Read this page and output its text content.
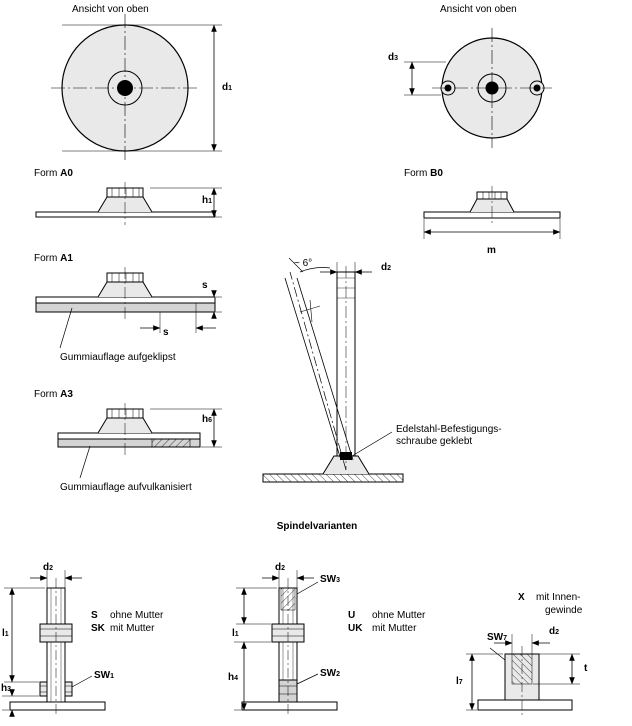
Ansicht von oben	Ansicht von oben
d1
d3
Form A0
h1
Form B0
m
Form A1
s
s
Gummiauflage aufgeklipst
Form A3
h6
Gummiauflage aufvulkanisiert
~ 6°	d2
Edelstahl-Befestigungs-
schraube geklebt
Spindelvarianten
d2
l1
h3
SW1
S ohne Mutter
SK mit Mutter
d2
SW3
SW2
l1
h4
U ohne Mutter
UK mit Mutter
SW7
d2
t
l7
X mit Innen-
gewinde
